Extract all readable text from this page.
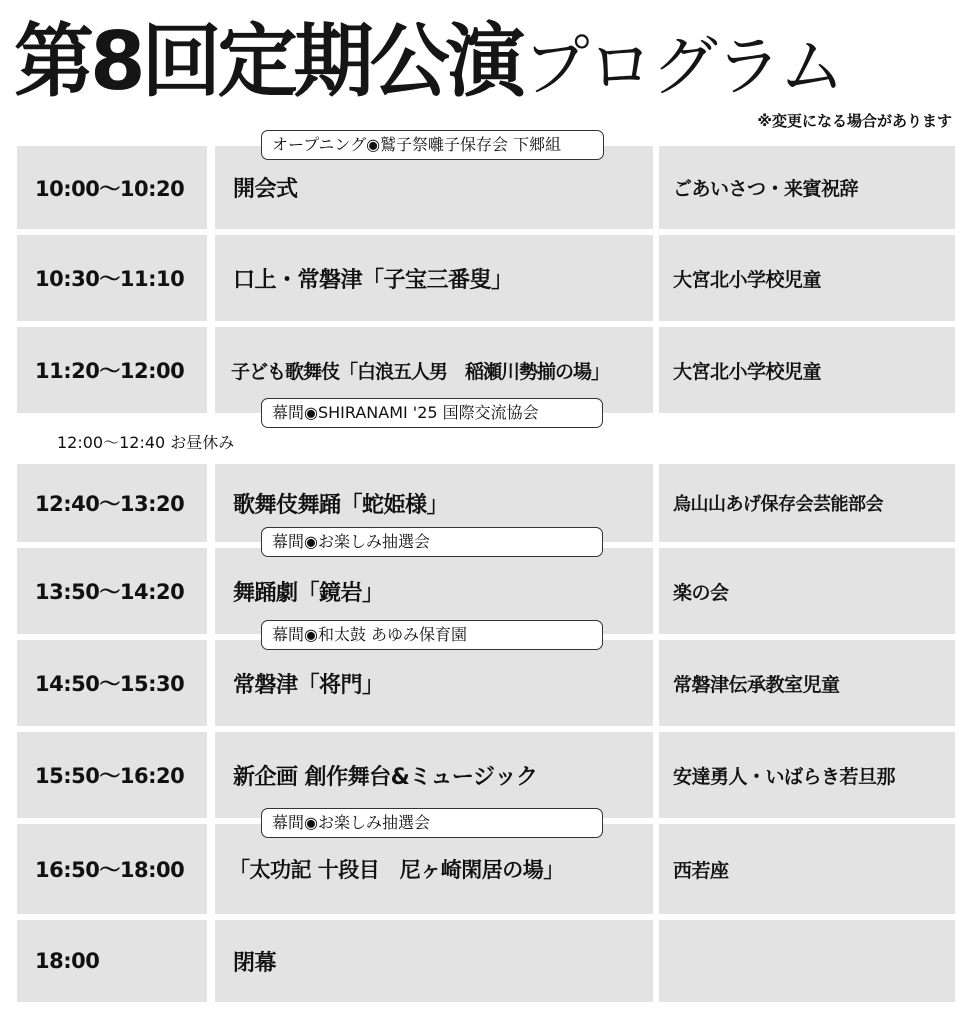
第8回定期公演 プログラム
※変更になる場合があります
10:00〜10:20	開会式	ごあいさつ・来賓祝辞
10:30〜11:10	口上・常磐津「子宝三番叟」	大宮北小学校児童
11:20〜12:00	子ども歌舞伎「白浪五人男　稲瀬川勢揃の場」	大宮北小学校児童
12:00〜12:40 お昼休み
12:40〜13:20	歌舞伎舞踊「蛇姫様」	烏山山あげ保存会芸能部会
13:50〜14:20	舞踊劇「鏡岩」	楽の会
14:50〜15:30	常磐津「将門」	常磐津伝承教室児童
15:50〜16:20	新企画 創作舞台&ミュージック	安達勇人・いばらき若旦那
16:50〜18:00	「太功記 十段目　尼ヶ崎閑居の場」	西若座
18:00	閉幕
オープニング◉鷲子祭囃子保存会 下郷組
幕間◉SHIRANAMI '25 国際交流協会
幕間◉お楽しみ抽選会
幕間◉和太鼓 あゆみ保育園
幕間◉お楽しみ抽選会
